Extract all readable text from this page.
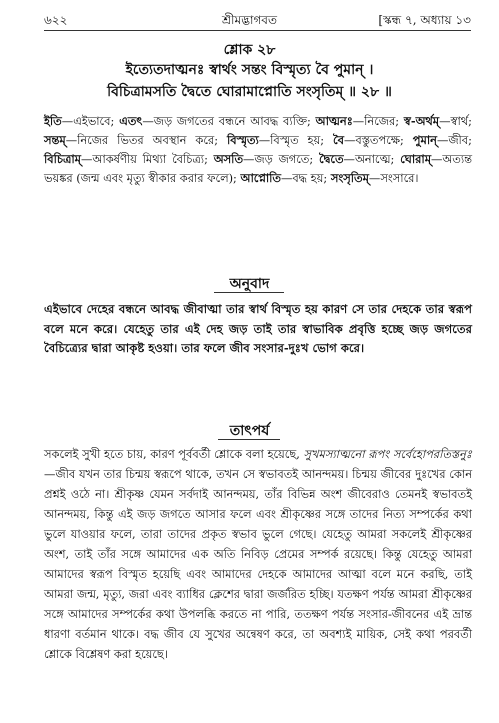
৬২২	শ্রীমদ্ভাগবত	[স্কন্ধ ৭, অধ্যায় ১৩
শ্লোক ২৮
ইত্যেতদাত্মনঃ স্বার্থং সন্তং বিস্মৃত্য বৈ পুমান্ ।
বিচিত্রামসতি দ্বৈতে ঘোরামাপ্নোতি সংসৃতিম্ ॥ ২৮ ॥
ইতি—এইভাবে; এতৎ—জড় জগতের বন্ধনে আবদ্ধ ব্যক্তি; আত্মনঃ—নিজের; স্ব-অর্থম্—স্বার্থ; সন্তম্—নিজের ভিতর অবস্থান করে; বিস্মৃত্য—বিস্মৃত হয়; বৈ—বস্তুতপক্ষে; পুমান্—জীব; বিচিত্রাম্—আকর্ষণীয় মিথ্যা বৈচিত্র্য; অসতি—জড় জগতে; দ্বৈতে—অনাত্মে; ঘোরাম্—অত্যন্ত ভয়ঙ্কর (জন্ম এবং মৃত্যু স্বীকার করার ফলে); আপ্নোতি—বদ্ধ হয়; সংসৃতিম্—সংসারে।
অনুবাদ
এইভাবে দেহের বন্ধনে আবদ্ধ জীবাত্মা তার স্বার্থ বিস্মৃত হয় কারণ সে তার দেহকে তার স্বরূপ বলে মনে করে। যেহেতু তার এই দেহ জড় তাই তার স্বাভাবিক প্রবৃত্তি হচ্ছে জড় জগতের বৈচিত্র্যের দ্বারা আকৃষ্ট হওয়া। তার ফলে জীব সংসার-দুঃখ ভোগ করে।
তাৎপর্য
সকলেই সুখী হতে চায়, কারণ পূর্ববর্তী শ্লোকে বলা হয়েছে, সুখমস্যাত্মনো রূপং সর্বেহোপরতিস্তনুঃ—জীব যখন তার চিন্ময় স্বরূপে থাকে, তখন সে স্বভাবতই আনন্দময়। চিন্ময় জীবের দুঃখের কোন প্রশ্নই ওঠে না। শ্রীকৃষ্ণ যেমন সর্বদাই আনন্দময়, তাঁর বিভিন্ন অংশ জীবেরাও তেমনই স্বভাবতই আনন্দময়, কিন্তু এই জড় জগতে আসার ফলে এবং শ্রীকৃষ্ণের সঙ্গে তাদের নিত্য সম্পর্কের কথা ভুলে যাওয়ার ফলে, তারা তাদের প্রকৃত স্বভাব ভুলে গেছে। যেহেতু আমরা সকলেই শ্রীকৃষ্ণের অংশ, তাই তাঁর সঙ্গে আমাদের এক অতি নিবিড় প্রেমের সম্পর্ক রয়েছে। কিন্তু যেহেতু আমরা আমাদের স্বরূপ বিস্মৃত হয়েছি এবং আমাদের দেহকে আমাদের আত্মা বলে মনে করছি, তাই আমরা জন্ম, মৃত্যু, জরা এবং ব্যাধির ক্লেশের দ্বারা জর্জরিত হচ্ছি। যতক্ষণ পর্যন্ত আমরা শ্রীকৃষ্ণের সঙ্গে আমাদের সম্পর্কের কথা উপলব্ধি করতে না পারি, ততক্ষণ পর্যন্ত সংসার-জীবনের এই ভ্রান্ত ধারণা বর্তমান থাকে। বদ্ধ জীব যে সুখের অন্বেষণ করে, তা অবশ্যই মায়িক, সেই কথা পরবর্তী শ্লোকে বিশ্লেষণ করা হয়েছে।
